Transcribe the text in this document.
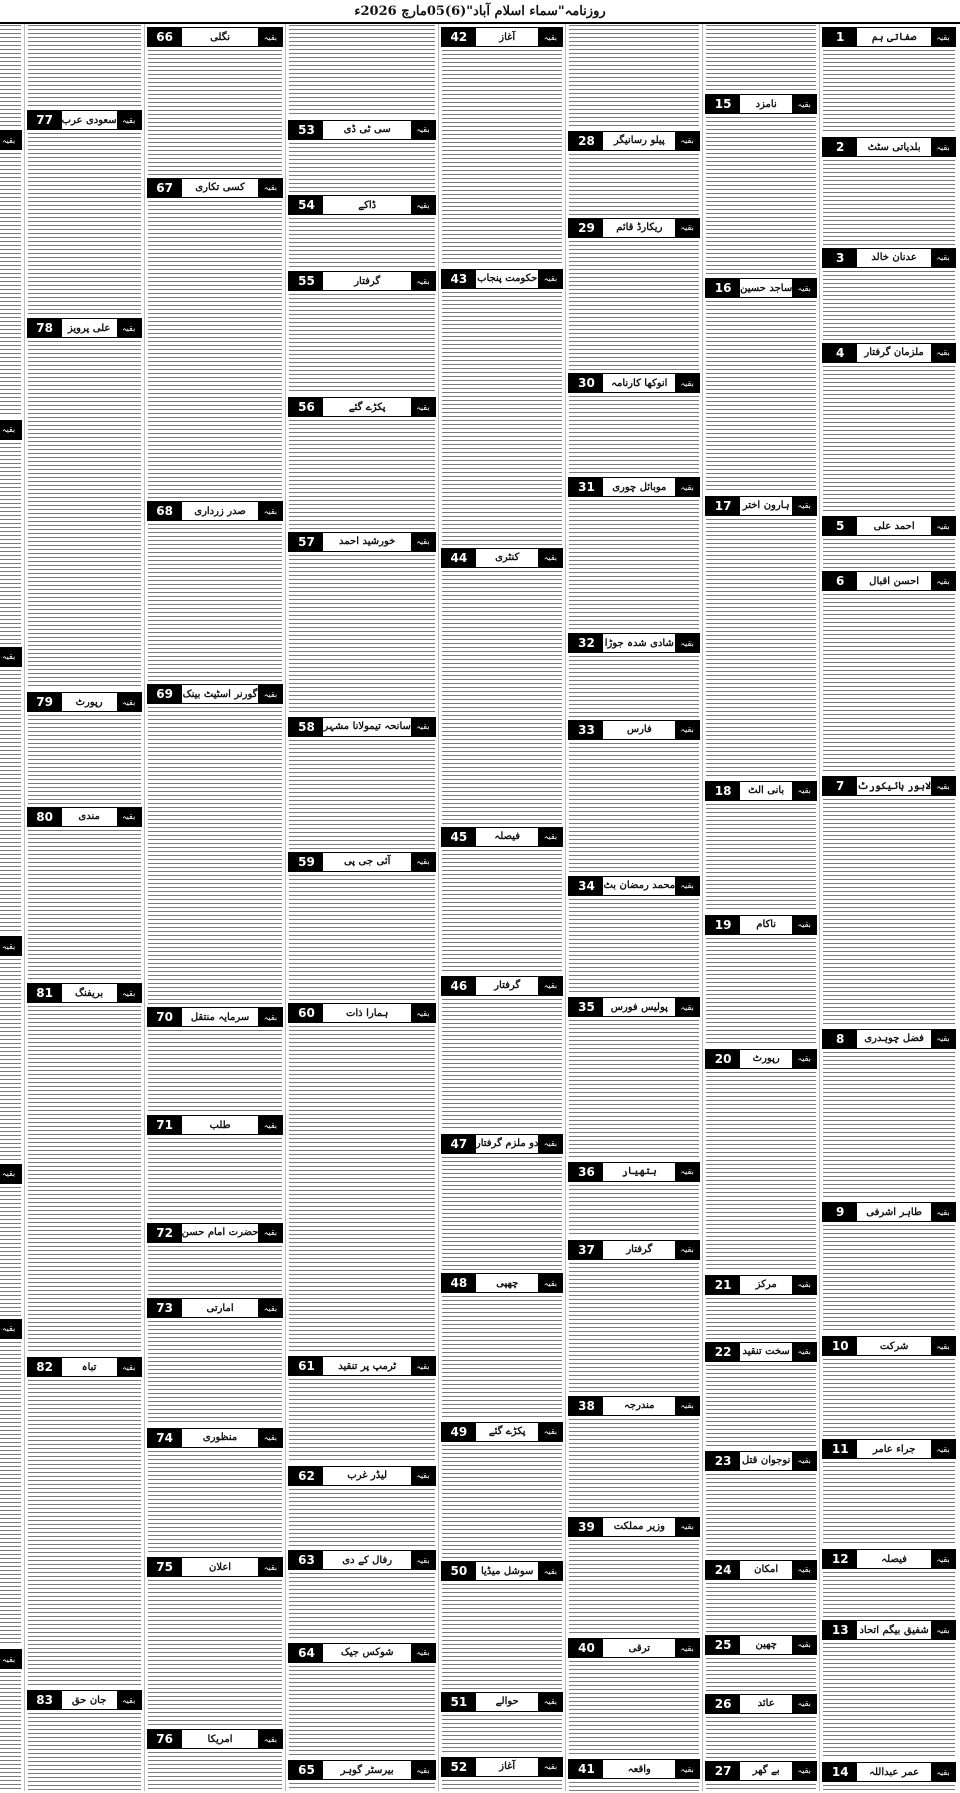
روزنامہ"سماء اسلام آباد"(6)05مارچ 2026ء
1	صفاتی ہم	بقیہ
2	بلدیاتی سٹٹ	بقیہ
3	عدنان خالد	بقیہ
4	ملزمان گرفتار	بقیہ
5	احمد علی	بقیہ
6	احسن اقبال	بقیہ
7	لاہور ہائیکورٹ بقیہ
8	فضل چوہدری	بقیہ
9	طاہر اشرفی	بقیہ
10	شرکت	بقیہ
11	جراء عامر	بقیہ
12	فیصلہ	بقیہ
13	شفیق بیگم اتحاد بقیہ
14	عمر عبداللہ	بقیہ
15	نامزد	بقیہ
16 ساجد حسین بقیہ
17	ہارون اختر بقیہ
18	بانی الٹ	بقیہ
19	ناکام	بقیہ
20	رپورٹ	بقیہ
21	مرکز	بقیہ
22	سخت تنقید بقیہ
23	نوجوان قتل بقیہ
24	امکان	بقیہ
25	چھین	بقیہ
26	عائد	بقیہ
27	بے گھر	بقیہ
28	پیلو رسانیگر	بقیہ
29	ریکارڈ قائم	بقیہ
30	انوکھا کارنامہ	بقیہ
31	موبائل چوری	بقیہ
32 شادی شدہ جوڑا بقیہ
33	فارس	بقیہ
34 محمد رمضان بٹ بقیہ
35	پولیس فورس	بقیہ
36	ہتھیار	بقیہ
37	گرفتار	بقیہ
38	مندرجہ	بقیہ
39	وزیر مملکت	بقیہ
40	ترقی	بقیہ
41	واقعہ	بقیہ
42	آغاز	بقیہ
43 حکومت پنجاب بقیہ
44	کنٹری	بقیہ
45	فیصلہ	بقیہ
46	گرفتار	بقیہ
47 دو ملزم گرفتار بقیہ
48	چھپی	بقیہ
49	پکڑے گئے	بقیہ
50	سوشل میڈیا	بقیہ
51	حوالے	بقیہ
52	آغاز	بقیہ
53	سی ٹی ڈی	بقیہ
54	ڈاکے	بقیہ
55	گرفتار	بقیہ
56	پکڑے گئے	بقیہ
57	خورشید احمد	بقیہ
58 سانحہ تیمولانا مشہر بقیہ
59	آئی جی پی	بقیہ
60	ہمارا ذات	بقیہ
61	ٹرمپ پر تنقید	بقیہ
62	لیڈر غرب	بقیہ
63	رفال کے دی	بقیہ
64	شوکس جیک	بقیہ
65	بیرسٹر گوہر	بقیہ
66	نگلی	بقیہ
67	کسی تکاری	بقیہ
68	صدر زرداری	بقیہ
69 گورنر اسٹیٹ بینک بقیہ
70	سرمایہ منتقل	بقیہ
71	طلب	بقیہ
72 حضرت امام حسن بقیہ
73	امارتی	بقیہ
74	منظوری	بقیہ
75	اعلان	بقیہ
76	امریکا	بقیہ
77 سعودی عرب بقیہ
78	علی پرویز	بقیہ
79	رپورٹ	بقیہ
80	مندی	بقیہ
81	بریفنگ	بقیہ
82	تباہ	بقیہ
83	جان حق	بقیہ
بقیہ
بقیہ
بقیہ
بقیہ
بقیہ
بقیہ
بقیہ
